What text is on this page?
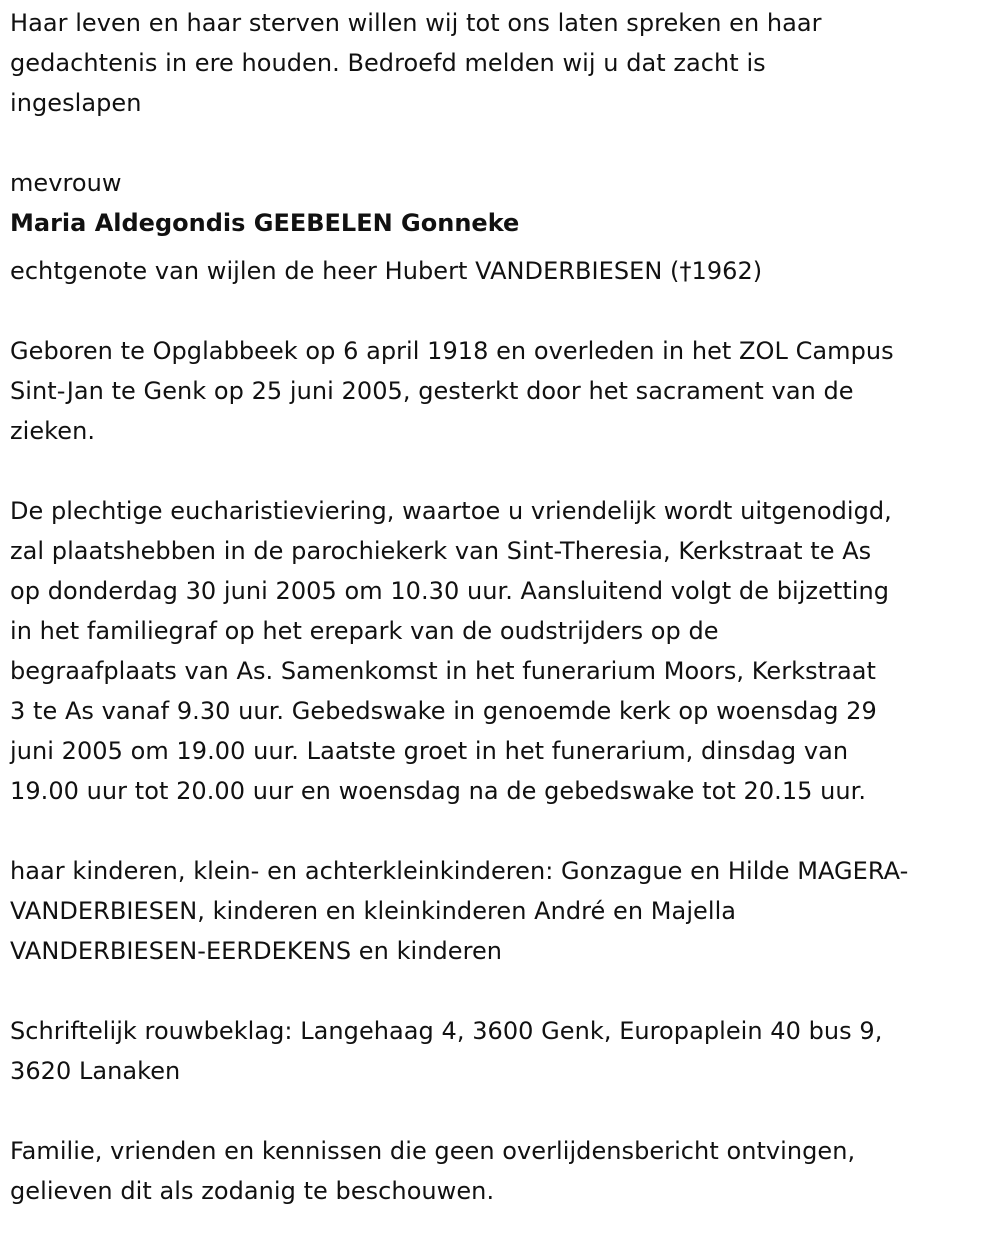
Haar leven en haar sterven willen wij tot ons laten spreken en haar
gedachtenis in ere houden. Bedroefd melden wij u dat zacht is
ingeslapen

mevrouw

Maria Aldegondis GEEBELEN Gonneke

echtgenote van wijlen de heer Hubert VANDERBIESEN (†1962)

Geboren te Opglabbeek op 6 april 1918 en overleden in het ZOL Campus
Sint-Jan te Genk op 25 juni 2005, gesterkt door het sacrament van de
zieken.

De plechtige eucharistieviering, waartoe u vriendelijk wordt uitgenodigd,
zal plaatshebben in de parochiekerk van Sint-Theresia, Kerkstraat te As
op donderdag 30 juni 2005 om 10.30 uur. Aansluitend volgt de bijzetting
in het familiegraf op het erepark van de oudstrijders op de
begraafplaats van As. Samenkomst in het funerarium Moors, Kerkstraat
3 te As vanaf 9.30 uur. Gebedswake in genoemde kerk op woensdag 29
juni 2005 om 19.00 uur. Laatste groet in het funerarium, dinsdag van
19.00 uur tot 20.00 uur en woensdag na de gebedswake tot 20.15 uur.

haar kinderen, klein- en achterkleinkinderen: Gonzague en Hilde MAGERA-
VANDERBIESEN, kinderen en kleinkinderen André en Majella
VANDERBIESEN-EERDEKENS en kinderen

Schriftelijk rouwbeklag: Langehaag 4, 3600 Genk, Europaplein 40 bus 9,
3620 Lanaken

Familie, vrienden en kennissen die geen overlijdensbericht ontvingen,
gelieven dit als zodanig te beschouwen.
